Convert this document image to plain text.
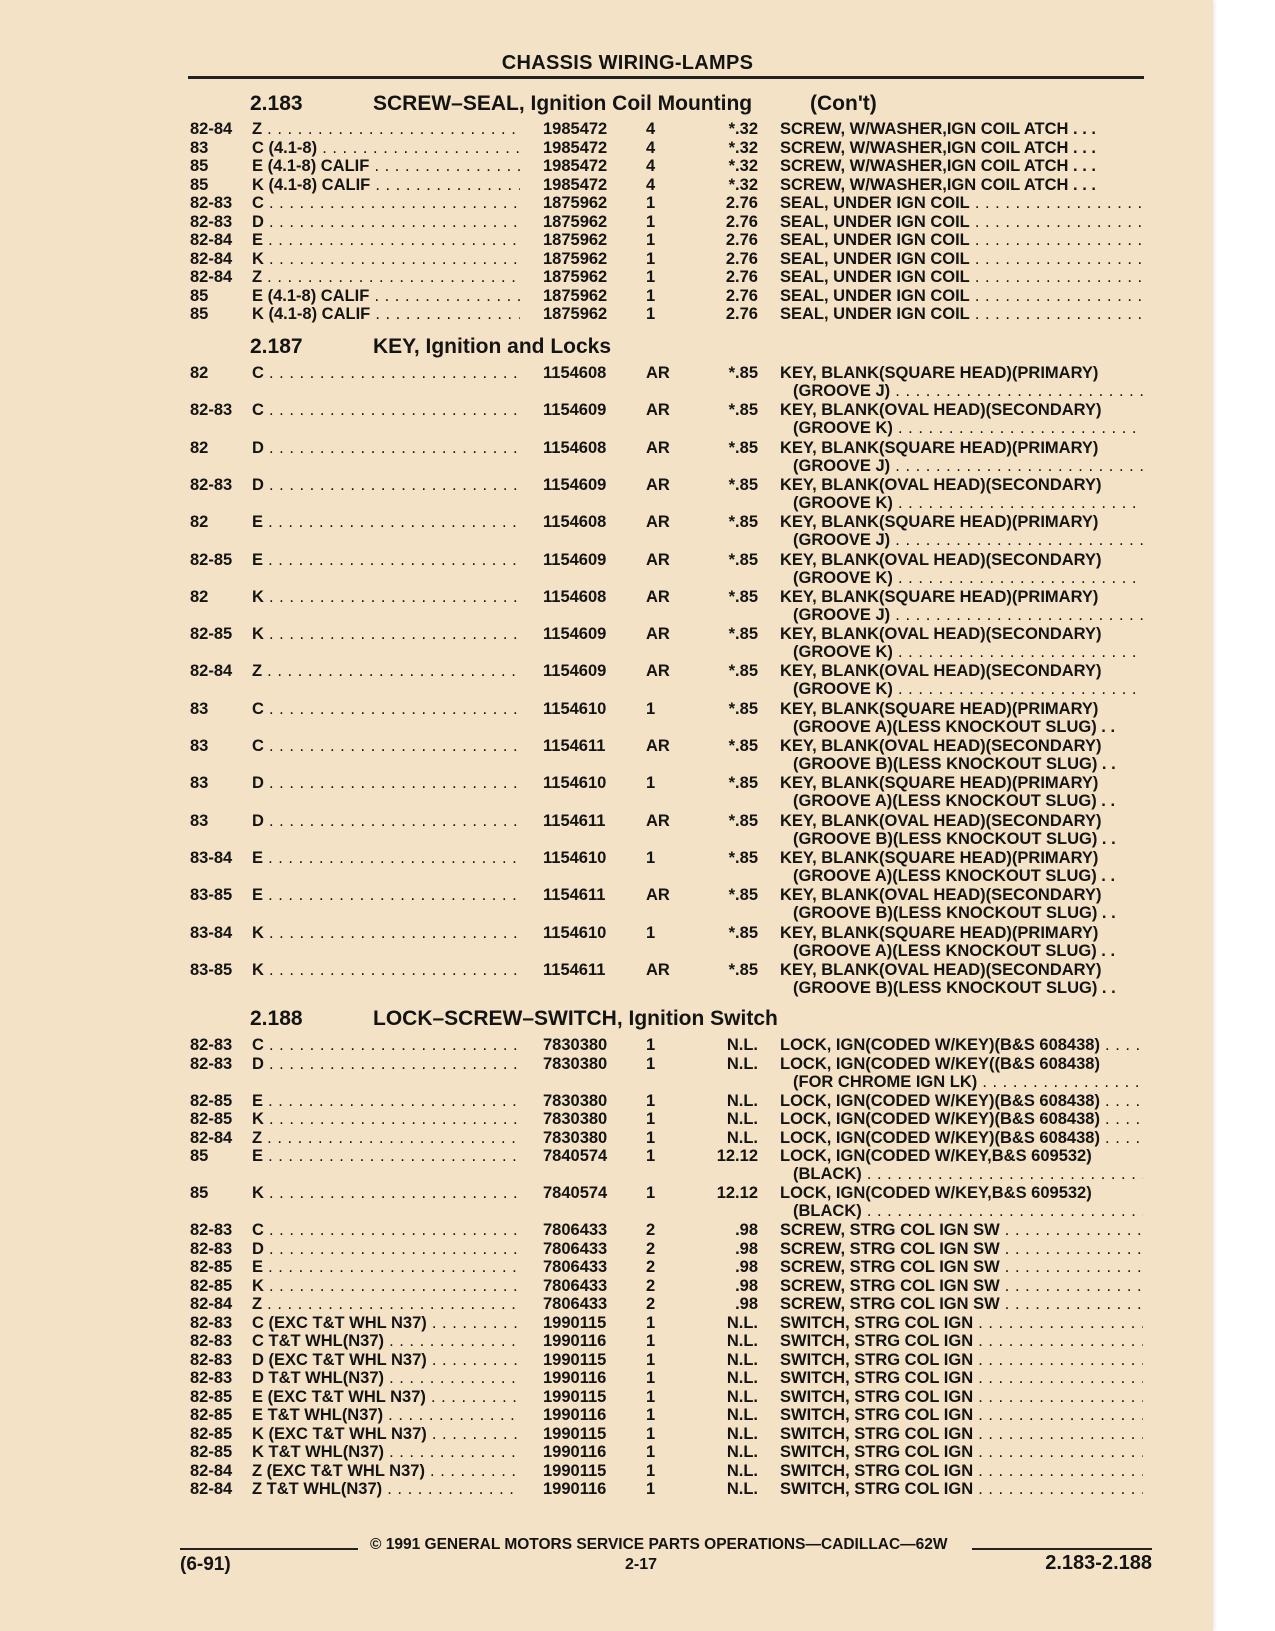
CHASSIS WIRING-LAMPS
2.183	SCREW–SEAL, Ignition Coil Mounting	(Con't)
82-84	Z . . .	1985472	4	*.32 SCREW, W/WASHER,IGN COIL ATCH . . .
83	C (4.1-8) . . .	1985472	4	*.32 SCREW, W/WASHER,IGN COIL ATCH . . .
85	E (4.1-8) CALIF . . .	1985472	4	*.32 SCREW, W/WASHER,IGN COIL ATCH . . .
85	K (4.1-8) CALIF . . .	1985472	4	*.32 SCREW, W/WASHER,IGN COIL ATCH . . .
82-83	C . . .	1875962	1	2.76 SEAL, UNDER IGN COIL . . .
82-83	D . . .	1875962	1	2.76 SEAL, UNDER IGN COIL . . .
82-84	E . . .	1875962	1	2.76 SEAL, UNDER IGN COIL . . .
82-84	K . . .	1875962	1	2.76 SEAL, UNDER IGN COIL . . .
82-84	Z . . .	1875962	1	2.76 SEAL, UNDER IGN COIL . . .
85	E (4.1-8) CALIF . . .	1875962	1	2.76 SEAL, UNDER IGN COIL . . .
85	K (4.1-8) CALIF . . .	1875962	1	2.76 SEAL, UNDER IGN COIL . . .
2.187	KEY, Ignition and Locks
82	C . . .	1154608	AR	*.85 KEY, BLANK(SQUARE HEAD)(PRIMARY)
(GROOVE J) . . .
82-83	C . . .	1154609	AR	*.85 KEY, BLANK(OVAL HEAD)(SECONDARY)
(GROOVE K) . . .
82	D . . .	1154608	AR	*.85 KEY, BLANK(SQUARE HEAD)(PRIMARY)
(GROOVE J) . . .
82-83	D . . .	1154609	AR	*.85 KEY, BLANK(OVAL HEAD)(SECONDARY)
(GROOVE K) . . .
82	E . . .	1154608	AR	*.85 KEY, BLANK(SQUARE HEAD)(PRIMARY)
(GROOVE J) . . .
82-85	E . . .	1154609	AR	*.85 KEY, BLANK(OVAL HEAD)(SECONDARY)
(GROOVE K) . . .
82	K . . .	1154608	AR	*.85 KEY, BLANK(SQUARE HEAD)(PRIMARY)
(GROOVE J) . . .
82-85	K . . .	1154609	AR	*.85 KEY, BLANK(OVAL HEAD)(SECONDARY)
(GROOVE K) . . .
82-84	Z . . .	1154609	AR	*.85 KEY, BLANK(OVAL HEAD)(SECONDARY)
(GROOVE K) . . .
83	C . . .	1154610	1	*.85 KEY, BLANK(SQUARE HEAD)(PRIMARY)
(GROOVE A)(LESS KNOCKOUT SLUG) . .
83	C . . .	1154611	AR	*.85 KEY, BLANK(OVAL HEAD)(SECONDARY)
(GROOVE B)(LESS KNOCKOUT SLUG) . .
83	D . . .	1154610	1	*.85 KEY, BLANK(SQUARE HEAD)(PRIMARY)
(GROOVE A)(LESS KNOCKOUT SLUG) . .
83	D . . .	1154611	AR	*.85 KEY, BLANK(OVAL HEAD)(SECONDARY)
(GROOVE B)(LESS KNOCKOUT SLUG) . .
83-84	E . . .	1154610	1	*.85 KEY, BLANK(SQUARE HEAD)(PRIMARY)
(GROOVE A)(LESS KNOCKOUT SLUG) . .
83-85	E . . .	1154611	AR	*.85 KEY, BLANK(OVAL HEAD)(SECONDARY)
(GROOVE B)(LESS KNOCKOUT SLUG) . .
83-84	K . . .	1154610	1	*.85 KEY, BLANK(SQUARE HEAD)(PRIMARY)
(GROOVE A)(LESS KNOCKOUT SLUG) . .
83-85	K . . .	1154611	AR	*.85 KEY, BLANK(OVAL HEAD)(SECONDARY)
(GROOVE B)(LESS KNOCKOUT SLUG) . .
2.188	LOCK–SCREW–SWITCH, Ignition Switch
82-83	C . . .	7830380	1	N.L. LOCK, IGN(CODED W/KEY)(B&S 608438) . . .
82-83	D . . .	7830380	1	N.L. LOCK, IGN(CODED W/KEY((B&S 608438)
(FOR CHROME IGN LK) . . .
82-85	E . . .	7830380	1	N.L. LOCK, IGN(CODED W/KEY)(B&S 608438) . . .
82-85	K . . .	7830380	1	N.L. LOCK, IGN(CODED W/KEY)(B&S 608438) . . .
82-84	Z . . .	7830380	1	N.L. LOCK, IGN(CODED W/KEY)(B&S 608438) . . .
85	E . . .	7840574	1	12.12 LOCK, IGN(CODED W/KEY,B&S 609532)
(BLACK) . . .
85	K . . .	7840574	1	12.12 LOCK, IGN(CODED W/KEY,B&S 609532)
(BLACK) . . .
82-83	C . . .	7806433	2	.98 SCREW, STRG COL IGN SW . . .
82-83	D . . .	7806433	2	.98 SCREW, STRG COL IGN SW . . .
82-85	E . . .	7806433	2	.98 SCREW, STRG COL IGN SW . . .
82-85	K . . .	7806433	2	.98 SCREW, STRG COL IGN SW . . .
82-84	Z . . .	7806433	2	.98 SCREW, STRG COL IGN SW . . .
82-83	C (EXC T&T WHL N37) . . .	1990115	1	N.L. SWITCH, STRG COL IGN . . .
82-83	C T&T WHL(N37) . . .	1990116	1	N.L. SWITCH, STRG COL IGN . . .
82-83	D (EXC T&T WHL N37) . . .	1990115	1	N.L. SWITCH, STRG COL IGN . . .
82-83	D T&T WHL(N37) . . .	1990116	1	N.L. SWITCH, STRG COL IGN . . .
82-85	E (EXC T&T WHL N37) . . .	1990115	1	N.L. SWITCH, STRG COL IGN . . .
82-85	E T&T WHL(N37) . . .	1990116	1	N.L. SWITCH, STRG COL IGN . . .
82-85	K (EXC T&T WHL N37) . . .	1990115	1	N.L. SWITCH, STRG COL IGN . . .
82-85	K T&T WHL(N37) . . .	1990116	1	N.L. SWITCH, STRG COL IGN . . .
82-84	Z (EXC T&T WHL N37) . . .	1990115	1	N.L. SWITCH, STRG COL IGN . . .
82-84	Z T&T WHL(N37) . . .	1990116	1	N.L. SWITCH, STRG COL IGN . . .
© 1991 GENERAL MOTORS SERVICE PARTS OPERATIONS—CADILLAC—62W
(6-91)	2-17	2.183-2.188
